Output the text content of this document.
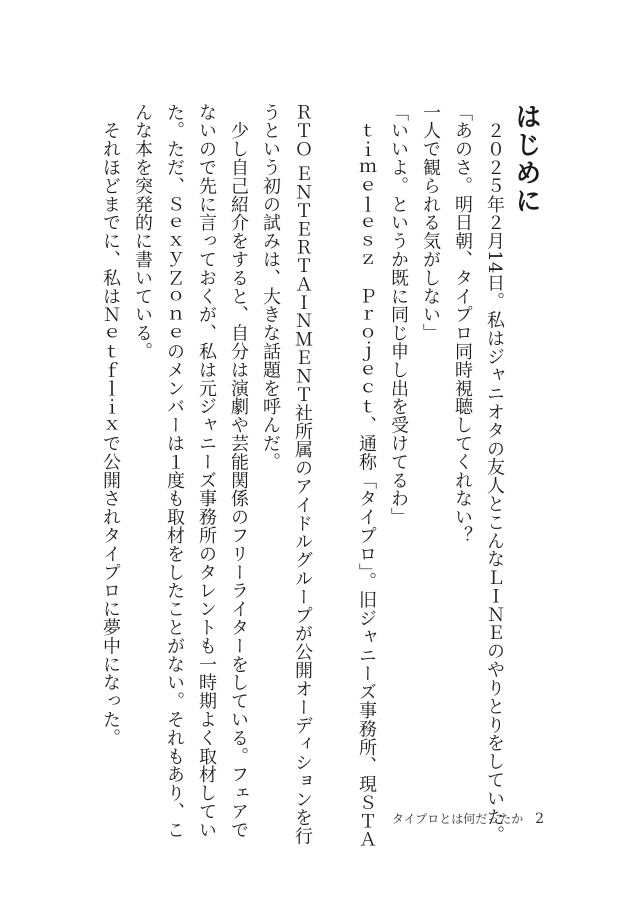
はじめに
　２０２５年２月14日。私はジャニオタの友人とこんなＬＩＮＥのやりとりをしていた。
「あのさ。明日朝、タイプロ同時視聴してくれない？
一人で観られる気がしない」
「いいよ。というか既に同じ申し出を受けてるわ」
　ｔｉｍｅｌｅｓｚ　Ｐｒｏｊｅｃｔ、通称「タイプロ」。旧ジャニーズ事務所、現ＳＴＡ
ＲＴＯ ＥＮＴＥＲＴＡＩＮＭＥＮＴ社所属のアイドルグループが公開オーディションを行
うという初の試みは、大きな話題を呼んだ。
　少し自己紹介をすると、自分は演劇や芸能関係のフリーライターをしている。フェアで
ないので先に言っておくが、私は元ジャニーズ事務所のタレントも一時期よく取材してい
た。ただ、ＳｅｘｙＺｏｎｅのメンバーは１度も取材をしたことがない。それもあり、こ
んな本を突発的に書いている。
　それほどまでに、私はＮｅｔｆｌｉｘで公開されタイプロに夢中になった。
タイプロとは何だったか 2
